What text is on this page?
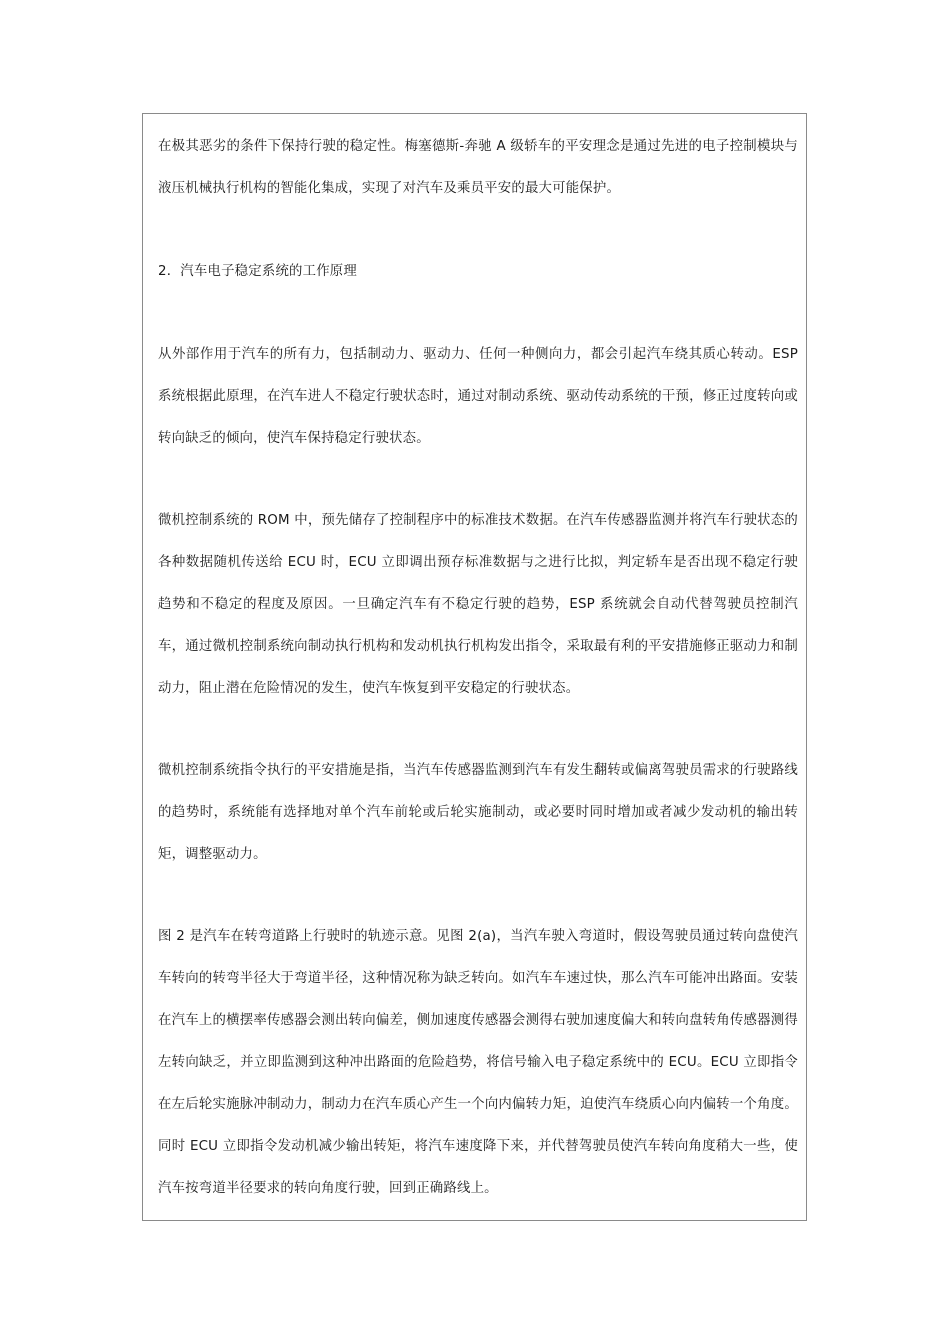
在极其恶劣的条件下保持行驶的稳定性。梅塞德斯-奔驰 A 级轿车的平安理念是通过先进的电子控制模块与液压机械执行机构的智能化集成，实现了对汽车及乘员平安的最大可能保护。

2．汽车电子稳定系统的工作原理

从外部作用于汽车的所有力，包括制动力、驱动力、任何一种侧向力，都会引起汽车绕其质心转动。ESP 系统根据此原理，在汽车进人不稳定行驶状态时，通过对制动系统、驱动传动系统的干预，修正过度转向或转向缺乏的倾向，使汽车保持稳定行驶状态。

微机控制系统的 ROM 中，预先储存了控制程序中的标准技术数据。在汽车传感器监测并将汽车行驶状态的各种数据随机传送给 ECU 时，ECU 立即调出预存标准数据与之进行比拟，判定轿车是否出现不稳定行驶趋势和不稳定的程度及原因。一旦确定汽车有不稳定行驶的趋势，ESP 系统就会自动代替驾驶员控制汽车，通过微机控制系统向制动执行机构和发动机执行机构发出指令，采取最有利的平安措施修正驱动力和制动力，阻止潜在危险情况的发生，使汽车恢复到平安稳定的行驶状态。

微机控制系统指令执行的平安措施是指，当汽车传感器监测到汽车有发生翻转或偏离驾驶员需求的行驶路线的趋势时，系统能有选择地对单个汽车前轮或后轮实施制动，或必要时同时增加或者减少发动机的输出转矩，调整驱动力。

图 2 是汽车在转弯道路上行驶时的轨迹示意。见图 2(a)，当汽车驶入弯道时，假设驾驶员通过转向盘使汽车转向的转弯半径大于弯道半径，这种情况称为缺乏转向。如汽车车速过快，那么汽车可能冲出路面。安装在汽车上的横摆率传感器会测出转向偏差，侧加速度传感器会测得右驶加速度偏大和转向盘转角传感器测得左转向缺乏，并立即监测到这种冲出路面的危险趋势，将信号输入电子稳定系统中的 ECU。ECU 立即指令在左后轮实施脉冲制动力，制动力在汽车质心产生一个向内偏转力矩，迫使汽车绕质心向内偏转一个角度。同时 ECU 立即指令发动机减少输出转矩，将汽车速度降下来，并代替驾驶员使汽车转向角度稍大一些，使汽车按弯道半径要求的转向角度行驶，回到正确路线上。
